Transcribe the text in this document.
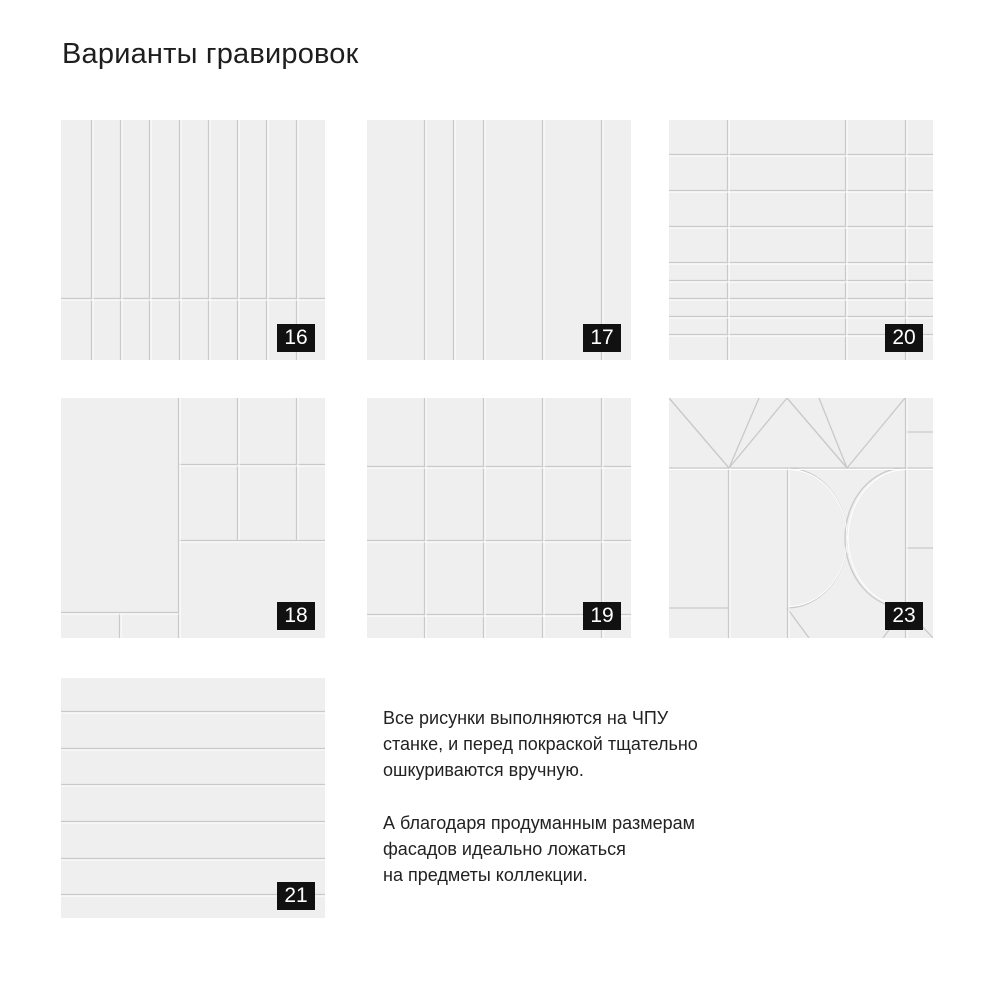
Варианты гравировок
16	17	20
18	19	23
21

Все рисунки выполняются на ЧПУ
станке, и перед покраской тщательно
ошкуриваются вручную.

А благодаря продуманным размерам
фасадов идеально ложаться
на предметы коллекции.
